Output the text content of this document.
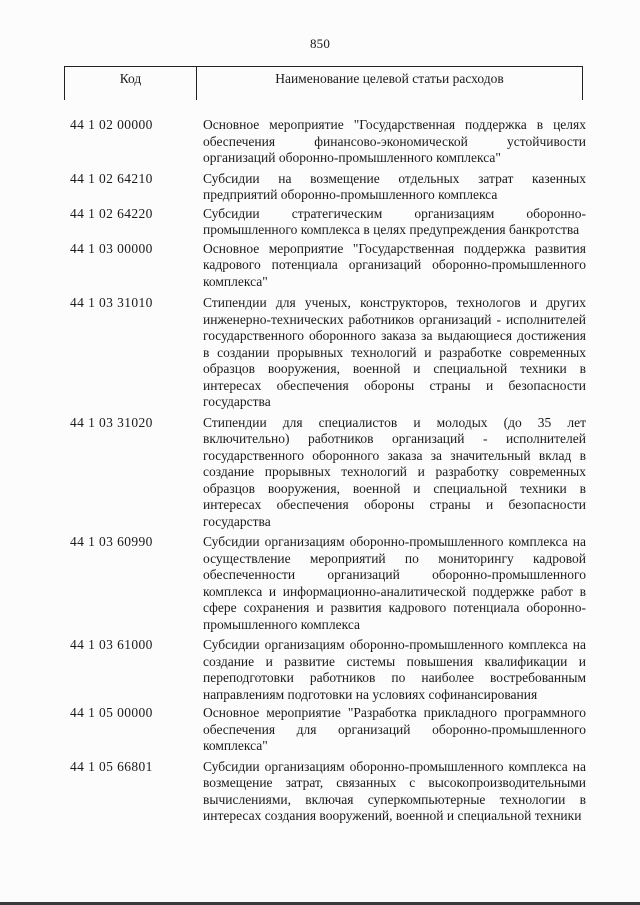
850
Код	Наименование целевой статьи расходов
44 1 02 00000	Основное мероприятие "Государственная поддержка в целях обеспечения финансово-экономической устойчивости организаций оборонно-промышленного комплекса"
44 1 02 64210	Субсидии на возмещение отдельных затрат казенных предприятий оборонно-промышленного комплекса
44 1 02 64220	Субсидии стратегическим организациям оборонно-промышленного комплекса в целях предупреждения банкротства
44 1 03 00000	Основное мероприятие "Государственная поддержка развития кадрового потенциала организаций оборонно-промышленного комплекса"
44 1 03 31010	Стипендии для ученых, конструкторов, технологов и других инженерно-технических работников организаций - исполнителей государственного оборонного заказа за выдающиеся достижения в создании прорывных технологий и разработке современных образцов вооружения, военной и специальной техники в интересах обеспечения обороны страны и безопасности государства
44 1 03 31020	Стипендии для специалистов и молодых (до 35 лет включительно) работников организаций - исполнителей государственного оборонного заказа за значительный вклад в создание прорывных технологий и разработку современных образцов вооружения, военной и специальной техники в интересах обеспечения обороны страны и безопасности государства
44 1 03 60990	Субсидии организациям оборонно-промышленного комплекса на осуществление мероприятий по мониторингу кадровой обеспеченности организаций оборонно-промышленного комплекса и информационно-аналитической поддержке работ в сфере сохранения и развития кадрового потенциала оборонно-промышленного комплекса
44 1 03 61000	Субсидии организациям оборонно-промышленного комплекса на создание и развитие системы повышения квалификации и переподготовки работников по наиболее востребованным направлениям подготовки на условиях софинансирования
44 1 05 00000	Основное мероприятие "Разработка прикладного программного обеспечения для организаций оборонно-промышленного комплекса"
44 1 05 66801	Субсидии организациям оборонно-промышленного комплекса на возмещение затрат, связанных с высокопроизводительными вычислениями, включая суперкомпьютерные технологии в интересах создания вооружений, военной и специальной техники
